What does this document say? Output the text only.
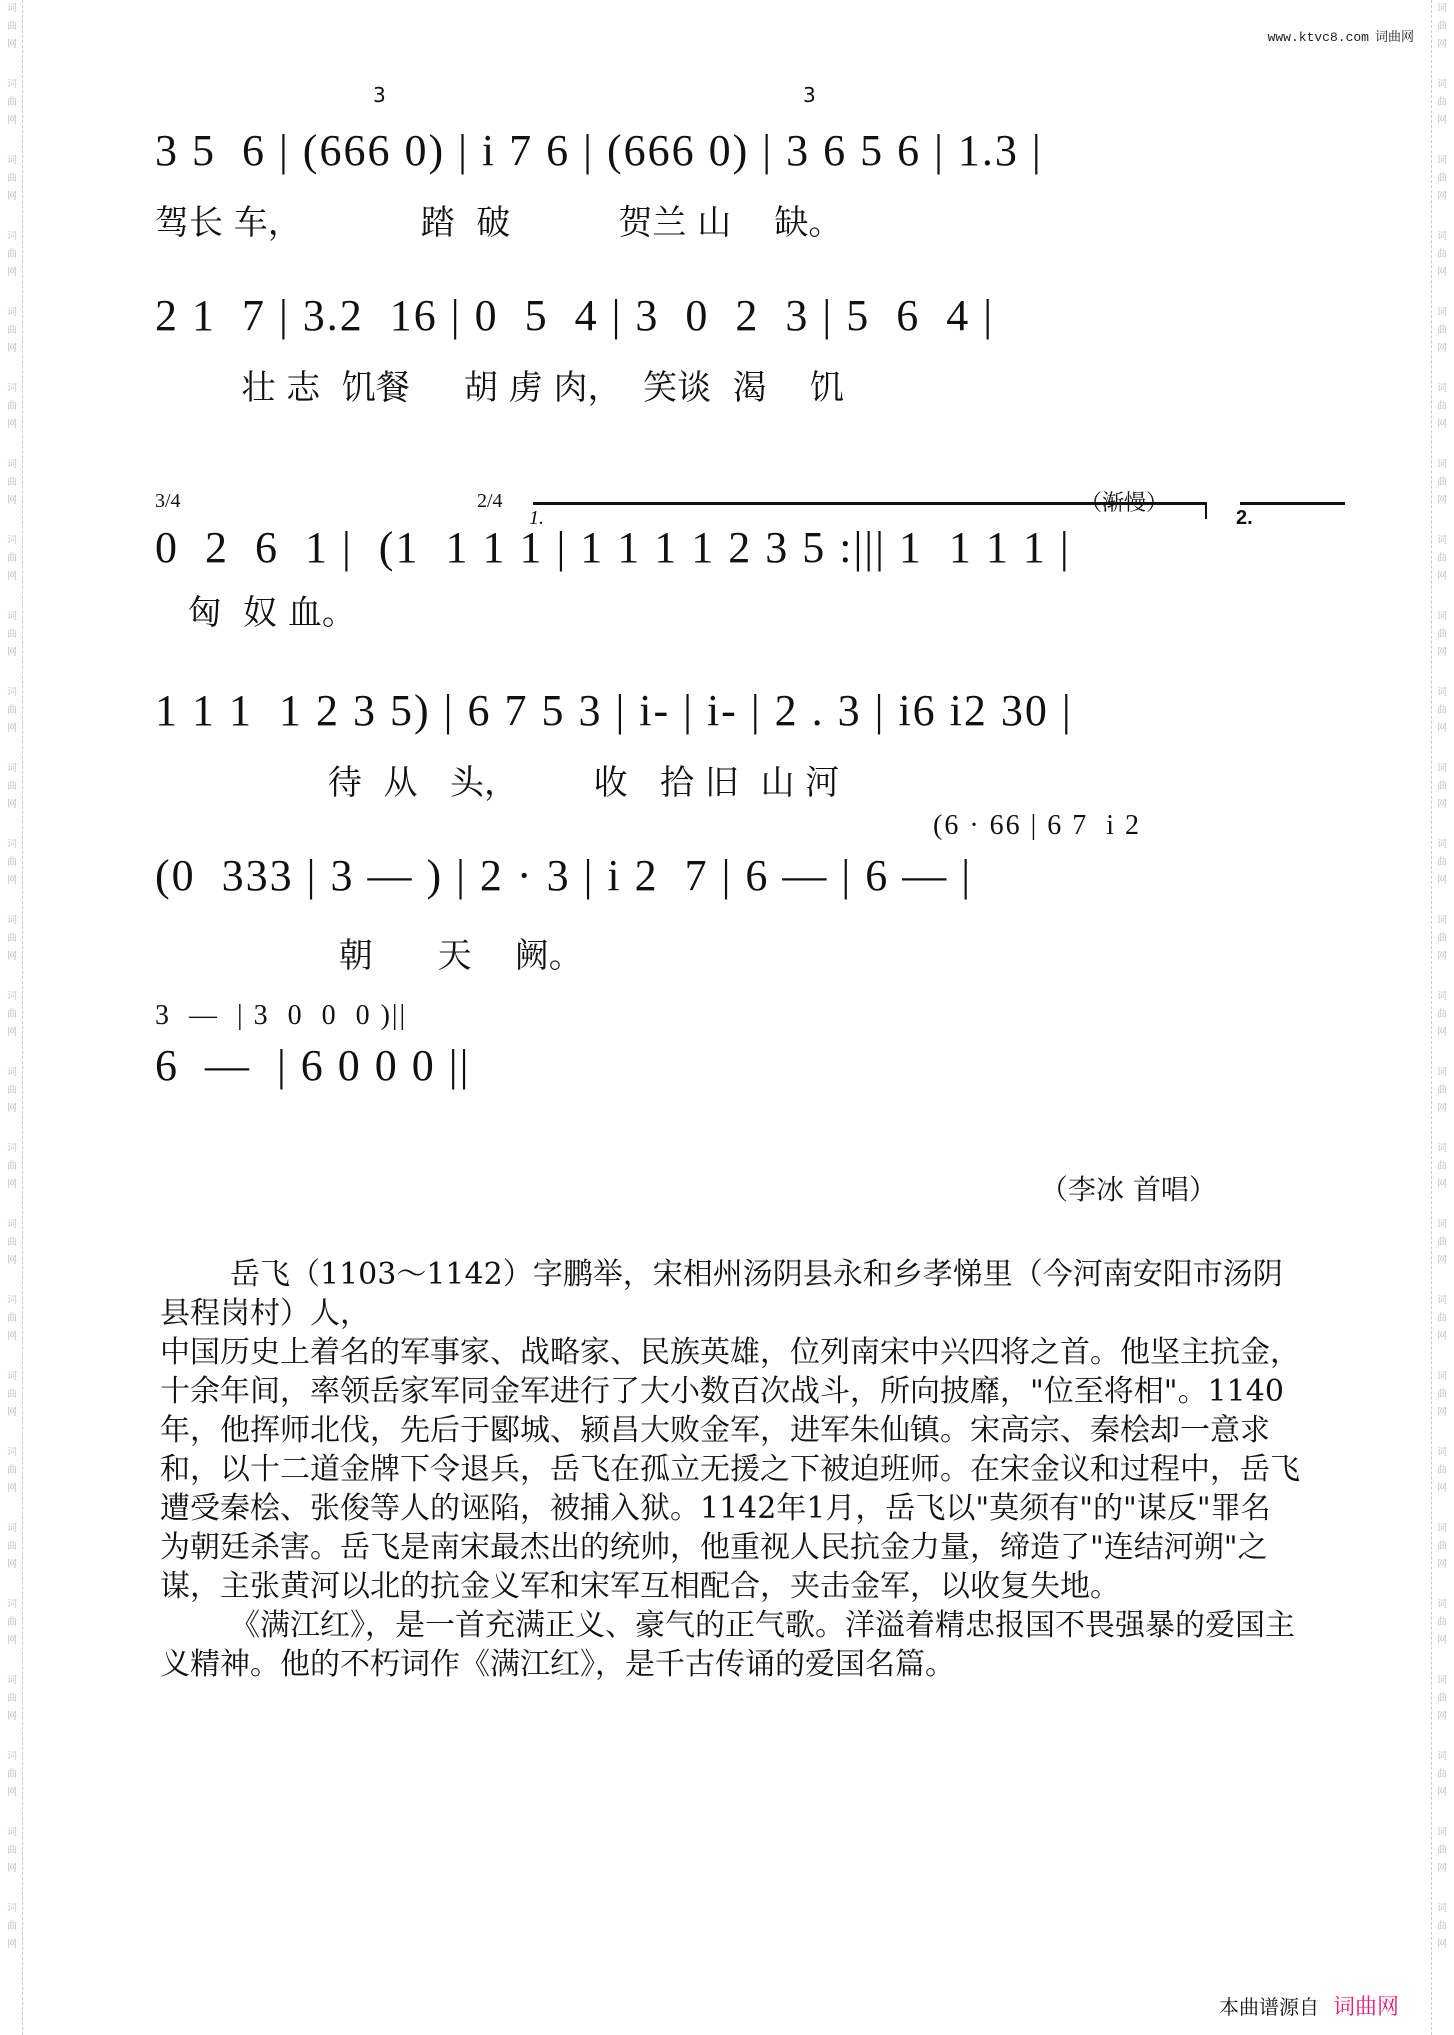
词
曲
网
词
曲
网
词
曲
网
词
曲
网
词
曲
网
词
曲
网
词
曲
网
词
曲
网
词
曲
网
词
曲
网
词
曲
网
词
曲
网
词
曲
网
词
曲
网
词
曲
网
词
曲
网
词
曲
网
词
曲
网
词
曲
网
词
曲
网
词
曲
网
词
曲
网
词
曲
网
词
曲
网
词
曲
网
词
曲
网
词
曲
网
词
曲
网
词
曲
网
词
曲
网
词
曲
网
词
曲
网
词
曲
网
词
曲
网
词
曲
网
词
曲
网
词
曲
网
词
曲
网
词
曲
网
词
曲
网
词
曲
网
词
曲
网
词
曲
网
词
曲
网
词
曲
网
词
曲
网
词
曲
网
词
曲
网
词
曲
网
词
曲
网
词
曲
网
词
曲
网
www.ktvc8.com 词曲网
3	3
3 5  6 | (666 0) | i 7 6 | (666 0) | 3 6 5 6 | 1.3 |
驾长 车，           踏  破          贺兰 山    缺。
2 1  7 | 3.2  16 | 0  5  4 | 3  0  2  3 | 5  6  4 |
壮 志  饥餐     胡 虏 肉，  笑谈  渴    饥
3/4	2/4
1.
（渐慢）
2.
0  2  6  1 |  (1  1 1 1 | 1 1 1 1 2 3 5 :||| 1  1 1 1 |
匈  奴 血。
1 1 1  1 2 3 5) | 6 7 5 3 | i- | i- | 2 . 3 | i6 i2 30 |
待  从   头，       收   拾 旧  山 河
(6 · 66 | 6 7  i 2
(0  333 | 3 — ) | 2 · 3 | i 2  7 | 6 — | 6 — |
朝      天    阙。
3  —  | 3  0  0  0 )||
6  —  | 6 0 0 0 ||
（李冰 首唱）

岳飞（1103～1142）字鹏举，宋相州汤阴县永和乡孝悌里（今河南安阳市汤阴县程岗村）人，

中国历史上着名的军事家、战略家、民族英雄，位列南宋中兴四将之首。他坚主抗金，十余年间，率领岳家军同金军进行了大小数百次战斗，所向披靡，"位至将相"。1140年，他挥师北伐，先后于郾城、颍昌大败金军，进军朱仙镇。宋高宗、秦桧却一意求和，以十二道金牌下令退兵，岳飞在孤立无援之下被迫班师。在宋金议和过程中，岳飞遭受秦桧、张俊等人的诬陷，被捕入狱。1142年1月，岳飞以"莫须有"的"谋反"罪名为朝廷杀害。岳飞是南宋最杰出的统帅，他重视人民抗金力量，缔造了"连结河朔"之谋，主张黄河以北的抗金义军和宋军互相配合，夹击金军，以收复失地。

《满江红》，是一首充满正义、豪气的正气歌。洋溢着精忠报国不畏强暴的爱国主义精神。他的不朽词作《满江红》，是千古传诵的爱国名篇。

本曲谱源自 词曲网
